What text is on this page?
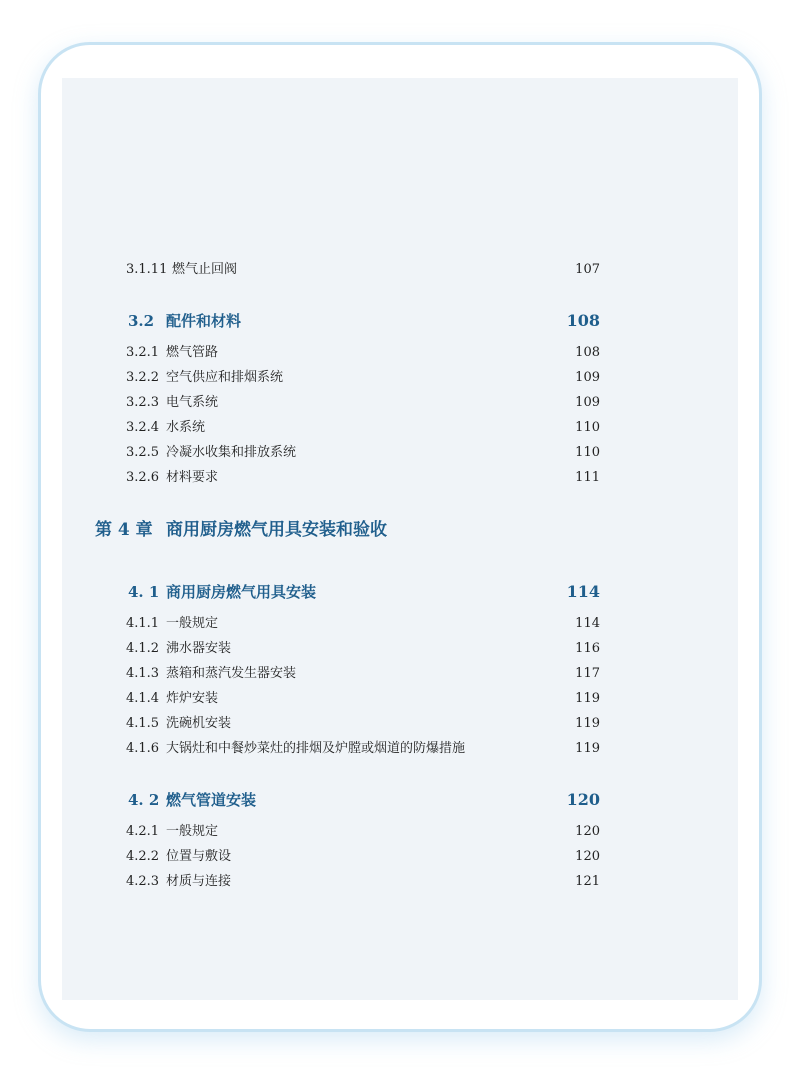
3.1.11 燃气止回阀	107
3.2 配件和材料	108
3.2.1 燃气管路	108
3.2.2 空气供应和排烟系统	109
3.2.3 电气系统	109
3.2.4 水系统	110
3.2.5 冷凝水收集和排放系统	110
3.2.6 材料要求	111
第 4 章 商用厨房燃气用具安装和验收
4. 1 商用厨房燃气用具安装	114
4.1.1 一般规定	114
4.1.2 沸水器安装	116
4.1.3 蒸箱和蒸汽发生器安装	117
4.1.4 炸炉安装	119
4.1.5 洗碗机安装	119
4.1.6 大锅灶和中餐炒菜灶的排烟及炉膛或烟道的防爆措施	119
4. 2 燃气管道安装	120
4.2.1 一般规定	120
4.2.2 位置与敷设	120
4.2.3 材质与连接	121
